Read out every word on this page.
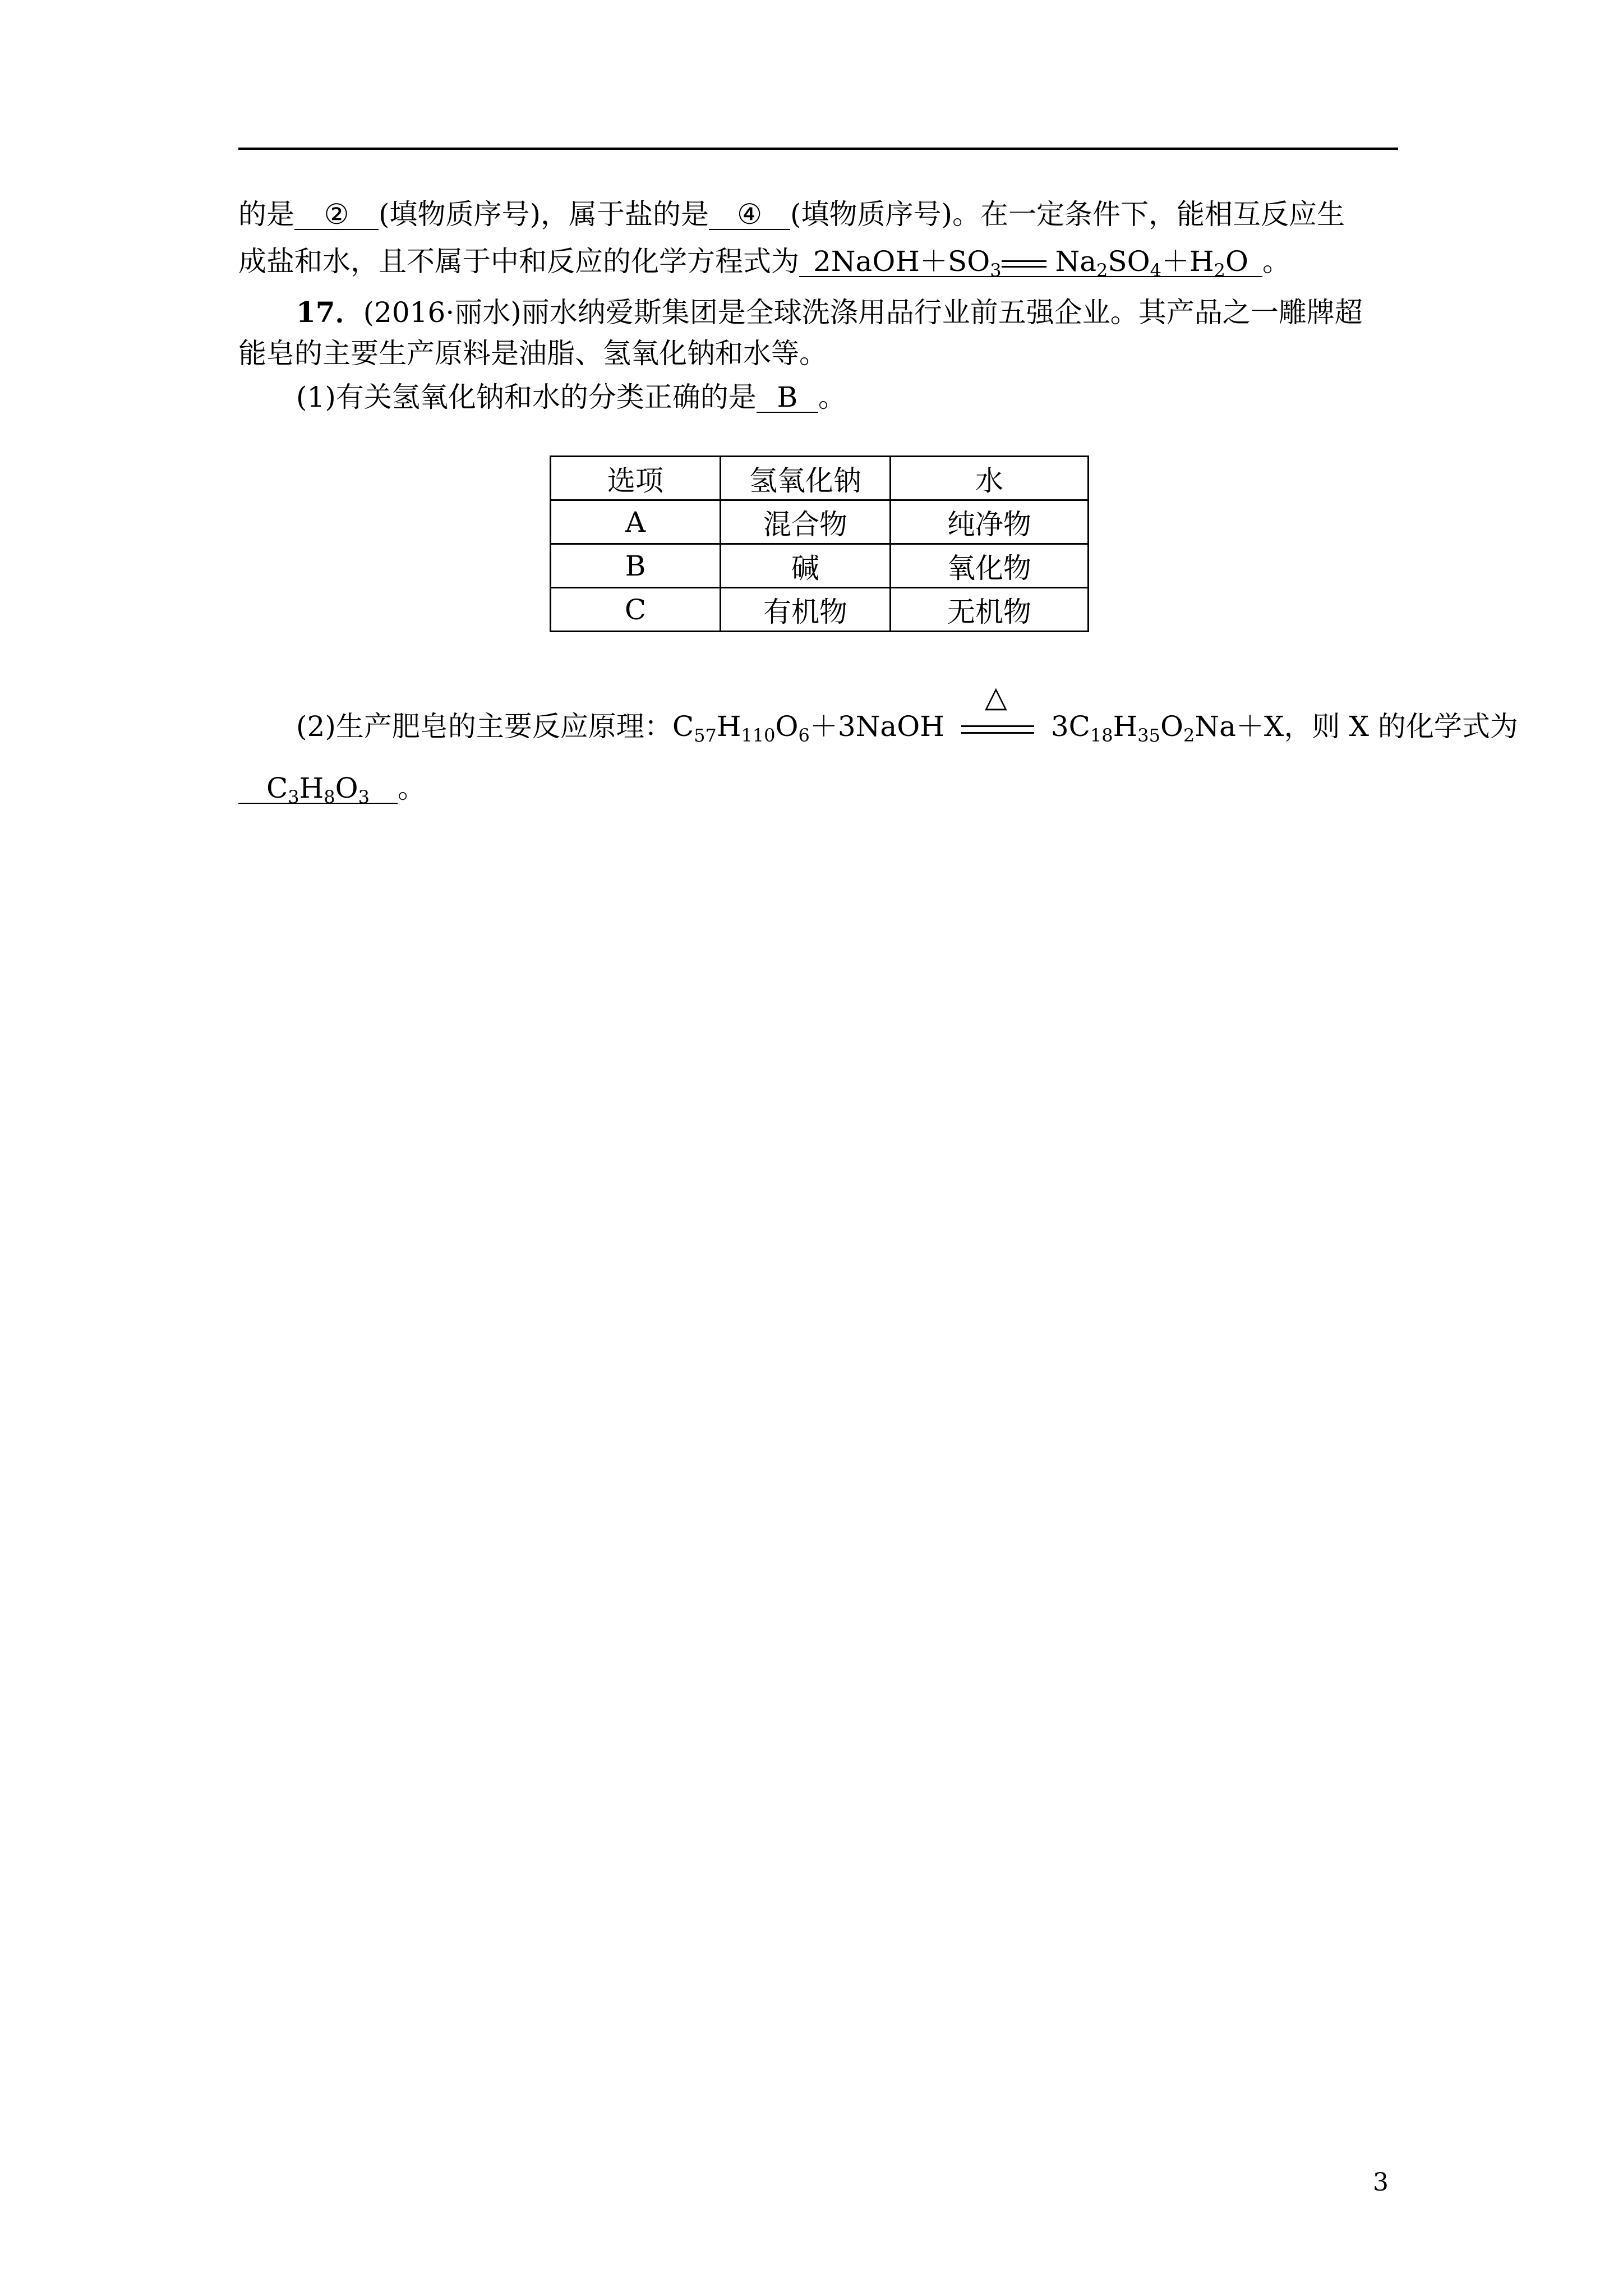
的是 ② (填物质序号)，属于盐的是 ④ (填物质序号)。在一定条件下，能相互反应生
成盐和水，且不属于中和反应的化学方程式为 $2NaOH+SO_3$ $Na_2SO_4+H_2O$ 。
17．(2016·丽水)丽水纳爱斯集团是全球洗涤用品行业前五强企业。其产品之一雕牌超
能皂的主要生产原料是油脂、氢氧化钠和水等。
(1)有关氢氧化钠和水的分类正确的是 B 。
选项	氢氧化钠	水
A	混合物	纯净物
B	碱	氧化物
C	有机物	无机物
(2)生产肥皂的主要反应原理：$C_{57}H_{110}O_6+3NaOH$
△
$3C_{18}H_{35}O_2Na+X$，则 X 的化学式为
$C_3H_8O_3$ 。
3
